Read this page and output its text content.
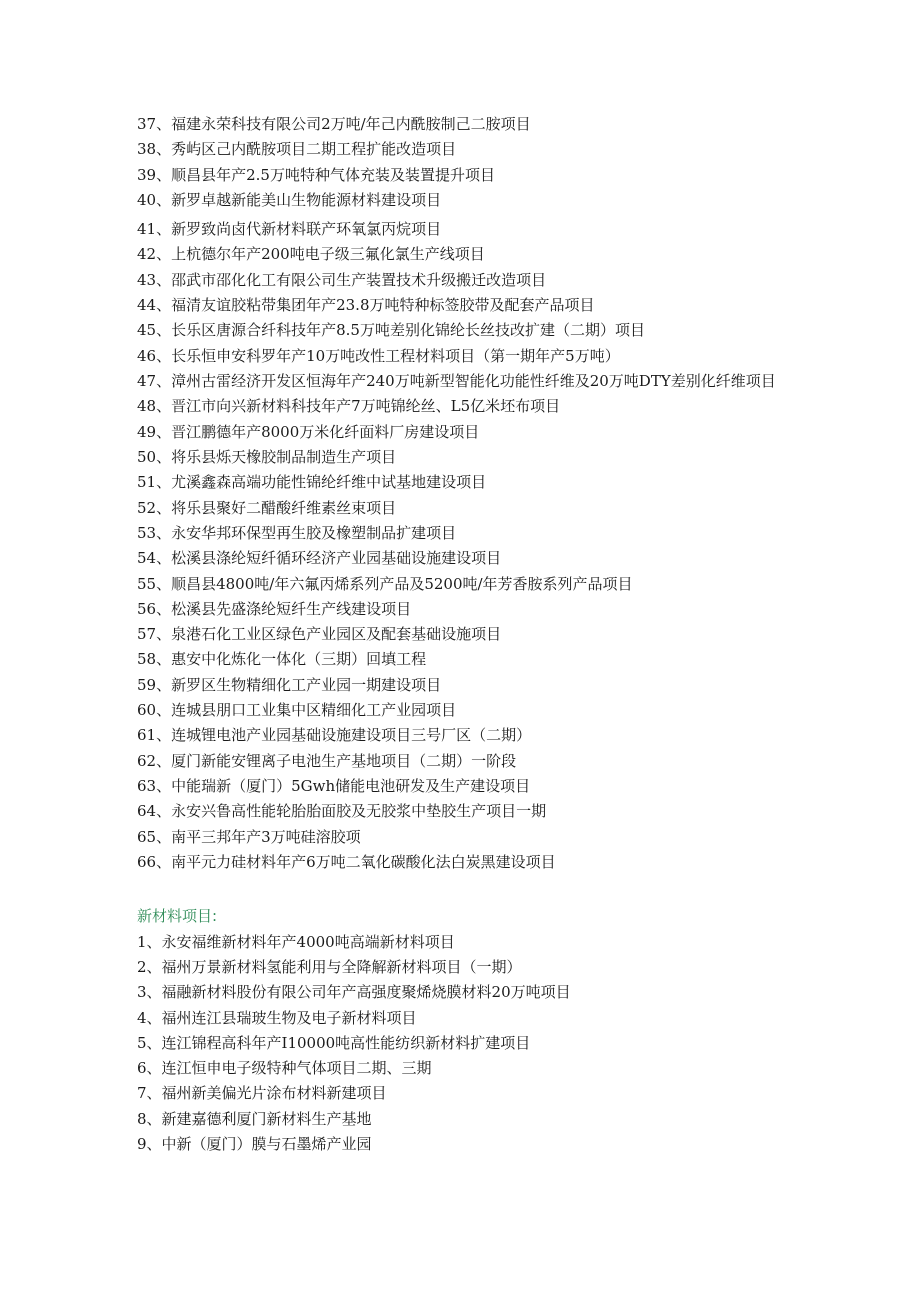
37、福建永荣科技有限公司2万吨/年己内酰胺制己二胺项目

38、秀屿区己内酰胺项目二期工程扩能改造项目

39、顺昌县年产2.5万吨特种气体充装及装置提升项目

40、新罗卓越新能美山生物能源材料建设项目

41、新罗致尚卤代新材料联产环氧氯丙烷项目

42、上杭德尔年产200吨电子级三氟化氯生产线项目

43、邵武市邵化化工有限公司生产装置技术升级搬迁改造项目

44、福清友谊胶粘带集团年产23.8万吨特种标签胶带及配套产品项目

45、长乐区唐源合纤科技年产8.5万吨差别化锦纶长丝技改扩建（二期）项目

46、长乐恒申安科罗年产10万吨改性工程材料项目（第一期年产5万吨）

47、漳州古雷经济开发区恒海年产240万吨新型智能化功能性纤维及20万吨DTY差别化纤维项目

48、晋江市向兴新材料科技年产7万吨锦纶丝、L5亿米坯布项目

49、晋江鹏德年产8000万米化纤面料厂房建设项目

50、将乐县烁天橡胶制品制造生产项目

51、尤溪鑫森高端功能性锦纶纤维中试基地建设项目

52、将乐县聚好二醋酸纤维素丝束项目

53、永安华邦环保型再生胶及橡塑制品扩建项目

54、松溪县涤纶短纤循环经济产业园基础设施建设项目

55、顺昌县4800吨/年六氟丙烯系列产品及5200吨/年芳香胺系列产品项目

56、松溪县先盛涤纶短纤生产线建设项目

57、泉港石化工业区绿色产业园区及配套基础设施项目

58、惠安中化炼化一体化（三期）回填工程

59、新罗区生物精细化工产业园一期建设项目

60、连城县朋口工业集中区精细化工产业园项目

61、连城锂电池产业园基础设施建设项目三号厂区（二期）

62、厦门新能安锂离子电池生产基地项目（二期）一阶段

63、中能瑞新（厦门）5Gwh储能电池研发及生产建设项目

64、永安兴鲁高性能轮胎胎面胶及无胶浆中垫胶生产项目一期

65、南平三邦年产3万吨硅溶胶项

66、南平元力硅材料年产6万吨二氧化碳酸化法白炭黑建设项目

新材料项目:

1、永安福维新材料年产4000吨高端新材料项目

2、福州万景新材料氢能利用与全降解新材料项目（一期）

3、福融新材料股份有限公司年产高强度聚烯烧膜材料20万吨项目

4、福州连江县瑞玻生物及电子新材料项目

5、连江锦程高科年产I10000吨高性能纺织新材料扩建项目

6、连江恒申电子级特种气体项目二期、三期

7、福州新美偏光片涂布材料新建项目

8、新建嘉德利厦门新材料生产基地

9、中新（厦门）膜与石墨烯产业园
